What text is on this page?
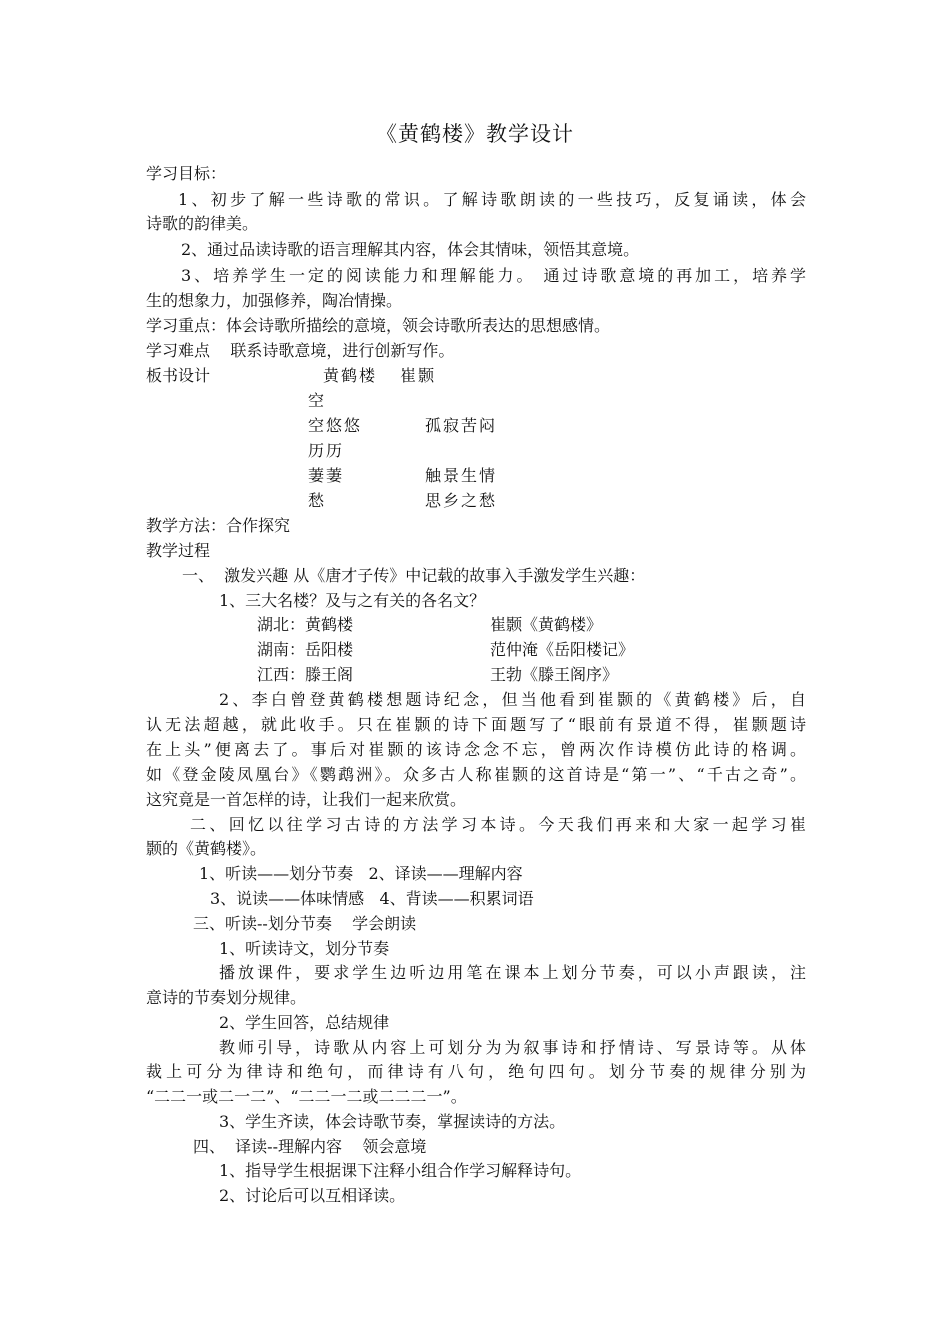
《黄鹤楼》教学设计
学习目标：
1、初步了解一些诗歌的常识。了解诗歌朗读的一些技巧，反复诵读，体会
诗歌的韵律美。
2、通过品读诗歌的语言理解其内容，体会其情味，领悟其意境。
3、培养学生一定的阅读能力和理解能力。 通过诗歌意境的再加工，培养学
生的想象力，加强修养，陶冶情操。
学习重点：体会诗歌所描绘的意境，领会诗歌所表达的思想感情。
学习难点    联系诗歌意境，进行创新写作。
板书设计	黄鹤楼 崔颢
空
空悠悠	孤寂苦闷
历历
萋萋	触景生情
愁	思乡之愁
教学方法：合作探究
教学过程
一、  激发兴趣 从《唐才子传》中记载的故事入手激发学生兴趣：
1、三大名楼？及与之有关的各名文？
湖北：黄鹤楼	崔颢《黄鹤楼》
湖南：岳阳楼	范仲淹《岳阳楼记》
江西：滕王阁	王勃《滕王阁序》
2、李白曾登黄鹤楼想题诗纪念，但当他看到崔颢的《黄鹤楼》后，自
认无法超越，就此收手。只在崔颢的诗下面题写了“眼前有景道不得，崔颢题诗
在上头”便离去了。事后对崔颢的该诗念念不忘，曾两次作诗模仿此诗的格调。
如《登金陵凤凰台》《鹦鹉洲》。众多古人称崔颢的这首诗是“第一”、“千古之奇”。
这究竟是一首怎样的诗，让我们一起来欣赏。
二、回忆以往学习古诗的方法学习本诗。今天我们再来和大家一起学习崔
颢的《黄鹤楼》。
1、听读——划分节奏   2、译读——理解内容
3、说读——体味情感   4、背读——积累词语
三、听读--划分节奏    学会朗读
1、听读诗文，划分节奏
播放课件，要求学生边听边用笔在课本上划分节奏，可以小声跟读，注
意诗的节奏划分规律。
2、学生回答，总结规律
教师引导，诗歌从内容上可划分为为叙事诗和抒情诗、写景诗等。从体
裁上可分为律诗和绝句，而律诗有八句，绝句四句。划分节奏的规律分别为
“二二一或二一二”、“二二一二或二二二一”。
3、学生齐读，体会诗歌节奏，掌握读诗的方法。
四、  译读--理解内容    领会意境
1、指导学生根据课下注释小组合作学习解释诗句。
2、讨论后可以互相译读。
